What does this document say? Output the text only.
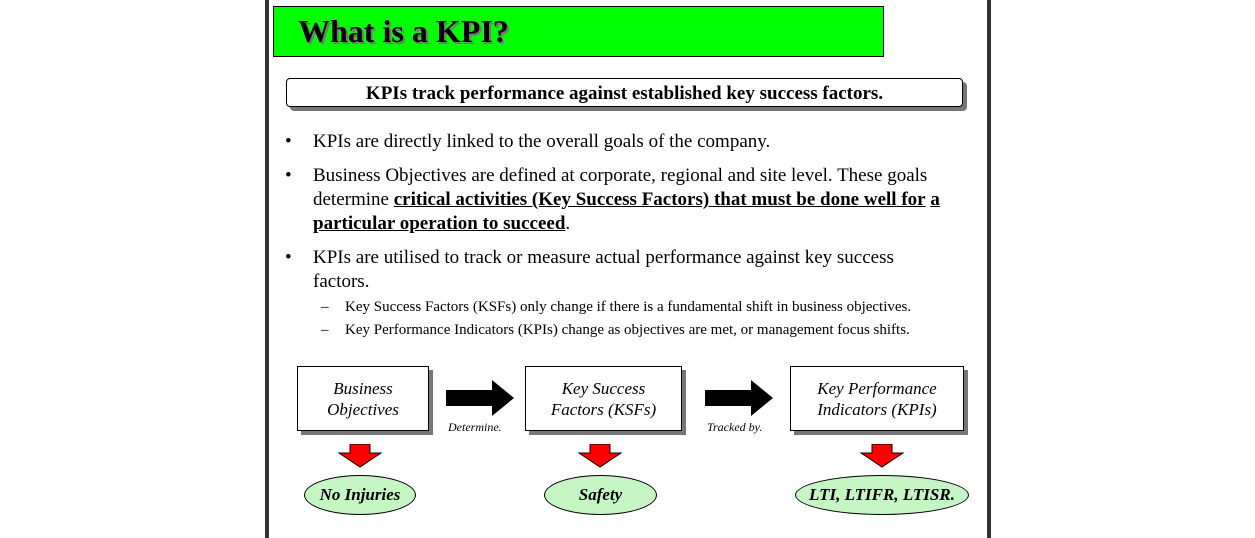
What is a KPI?
KPIs track performance against established key success factors.
• KPIs are directly linked to the overall goals of the company.
• Business Objectives are defined at corporate, regional and site level. These goals determine critical activities (Key Success Factors) that must be done well for a particular operation to succeed.
• KPIs are utilised to track or measure actual performance against key success
factors.
– Key Success Factors (KSFs) only change if there is a fundamental shift in business objectives.
– Key Performance Indicators (KPIs) change as objectives are met, or management focus shifts.
Business
Objectives
Key Success
Factors (KSFs)
Key Performance
Indicators (KPIs)
Determine.	Tracked by.
No Injuries	Safety	LTI, LTIFR, LTISR.
